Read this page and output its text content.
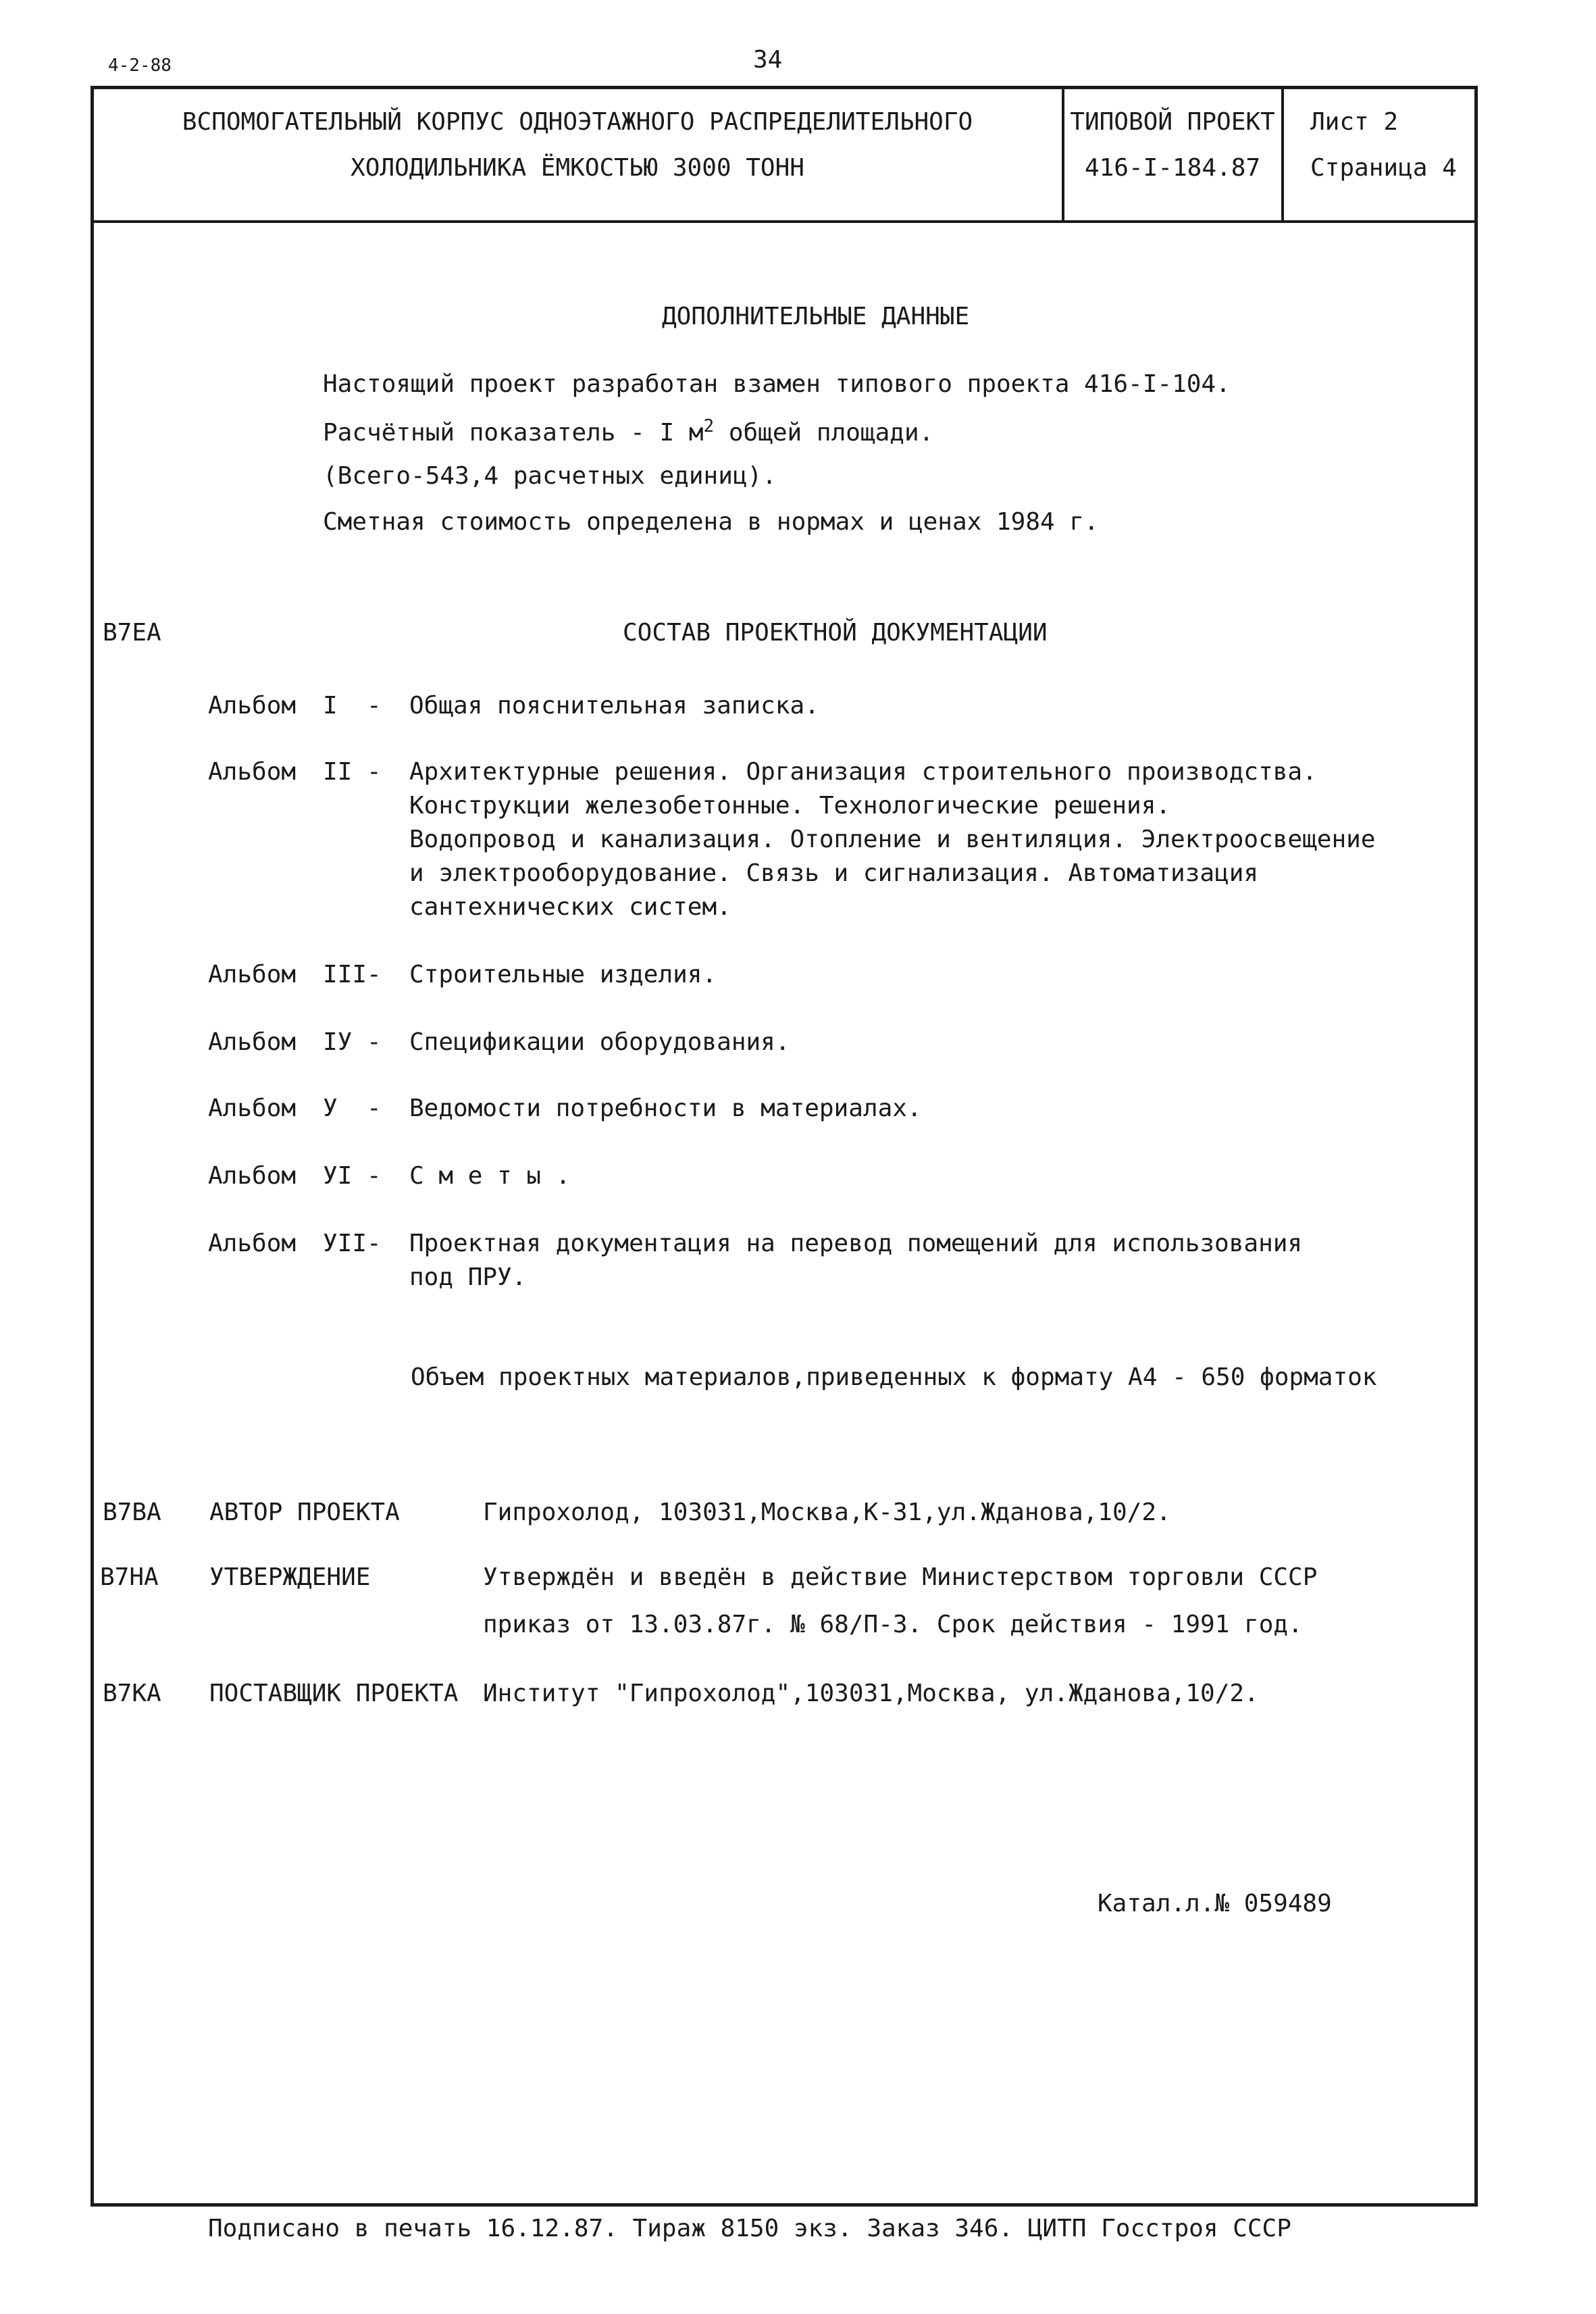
4-2-88	34
ВСПОМОГАТЕЛЬНЫЙ КОРПУС ОДНОЭТАЖНОГО РАСПРЕДЕЛИТЕЛЬНОГО
ХОЛОДИЛЬНИКА ЁМКОСТЬЮ 3000 ТОНН
ТИПОВОЙ ПРОЕКТ
416-I-184.87
Лист 2
Страница 4
ДОПОЛНИТЕЛЬНЫЕ ДАННЫЕ
Настоящий проект разработан взамен типового проекта 416-I-104.
Расчётный показатель - I $м^2$ общей площади.
(Всего-543,4 расчетных единиц).
Сметная стоимость определена в нормах и ценах 1984 г.
В7ЕА	СОСТАВ ПРОЕКТНОЙ ДОКУМЕНТАЦИИ
Альбом I - Общая пояснительная записка.
Альбом II - Архитектурные решения. Организация строительного производства.
Конструкции железобетонные. Технологические решения.
Водопровод и канализация. Отопление и вентиляция. Электроосвещение
и электрооборудование. Связь и сигнализация. Автоматизация
сантехнических систем.
Альбом III - Строительные изделия.
Альбом IУ - Спецификации оборудования.
Альбом У - Ведомости потребности в материалах.
Альбом УI - С м е т ы .
Альбом УII - Проектная документация на перевод помещений для использования
под ПРУ.
Объем проектных материалов,приведенных к формату А4 - 650 форматок
В7ВА АВТОР ПРОЕКТА	Гипрохолод, 103031,Москва,К-31,ул.Жданова,10/2.
В7НА УТВЕРЖДЕНИЕ	Утверждён и введён в действие Министерством торговли СССР
приказ от 13.03.87г. № 68/П-3. Срок действия - 1991 год.
В7КА ПОСТАВЩИК ПРОЕКТА Институт "Гипрохолод",103031,Москва, ул.Жданова,10/2.
Катал.л.№ 059489
Подписано в печать 16.12.87. Тираж 8150 экз. Заказ 346. ЦИТП Госстроя СССР
